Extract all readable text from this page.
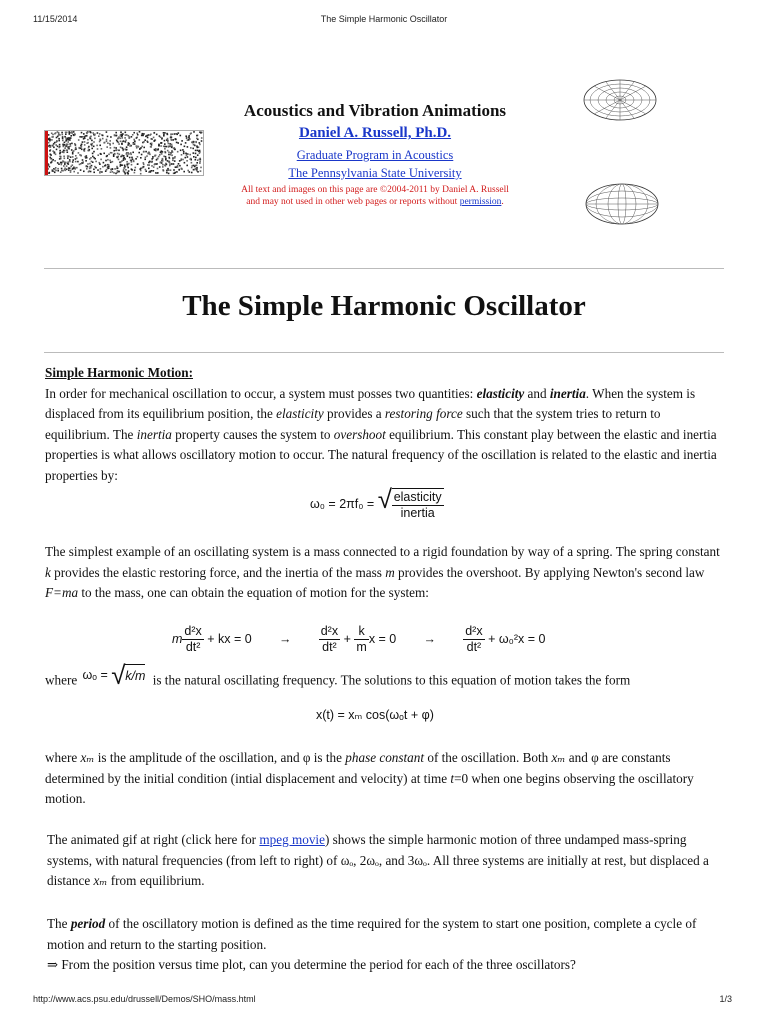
11/15/2014	The Simple Harmonic Oscillator
Acoustics and Vibration Animations
Daniel A. Russell, Ph.D.
Graduate Program in Acoustics
The Pennsylvania State University
All text and images on this page are ©2004-2011 by Daniel A. Russell
and may not used in other web pages or reports without permission.
The Simple Harmonic Oscillator
Simple Harmonic Motion:
In order for mechanical oscillation to occur, a system must posses two quantities: elasticity and inertia. When the system is displaced from its equilibrium position, the elasticity provides a restoring force such that the system tries to return to equilibrium. The inertia property causes the system to overshoot equilibrium. This constant play between the elastic and inertia properties is what allows oscillatory motion to occur. The natural frequency of the oscillation is related to the elastic and inertia properties by:
ω₀ = 2πf₀ = √ $\frac{\text{elasticity}}{\text{inertia}}$
The simplest example of an oscillating system is a mass connected to a rigid foundation by way of a spring. The spring constant k provides the elastic restoring force, and the inertia of the mass m provides the overshoot. By applying Newton's second law F=ma to the mass, one can obtain the equation of motion for the system:
m $\frac{\text{d²x}}{\text{dt²}}$ + kx = $0 \to \frac{\text{d²x}}{\text{dt²}} + \frac{k}{m}$ $x = 0 \to \frac{\text{d²x}}{\text{dt²}} + \omega_0^2x = 0$
where ωₒ = √ k/m is the natural oscillating frequency. The solutions to this equation of motion takes the form
x(t) = xₘ cos(ωₒt + φ)
where xₘ is the amplitude of the oscillation, and φ is the phase constant of the oscillation. Both xₘ and φ are constants determined by the initial condition (intial displacement and velocity) at time t=0 when one begins observing the oscillatory motion.
The animated gif at right (click here for mpeg movie) shows the simple harmonic motion of three undamped mass-spring systems, with natural frequencies (from left to right) of ωₒ, 2ωₒ, and 3ωₒ. All three systems are initially at rest, but displaced a distance xₘ from equilibrium.
The period of the oscillatory motion is defined as the time required for the system to start one position, complete a cycle of motion and return to the starting position.
⇒ From the position versus time plot, can you determine the period for each of the three oscillators?
http://www.acs.psu.edu/drussell/Demos/SHO/mass.html	1/3
